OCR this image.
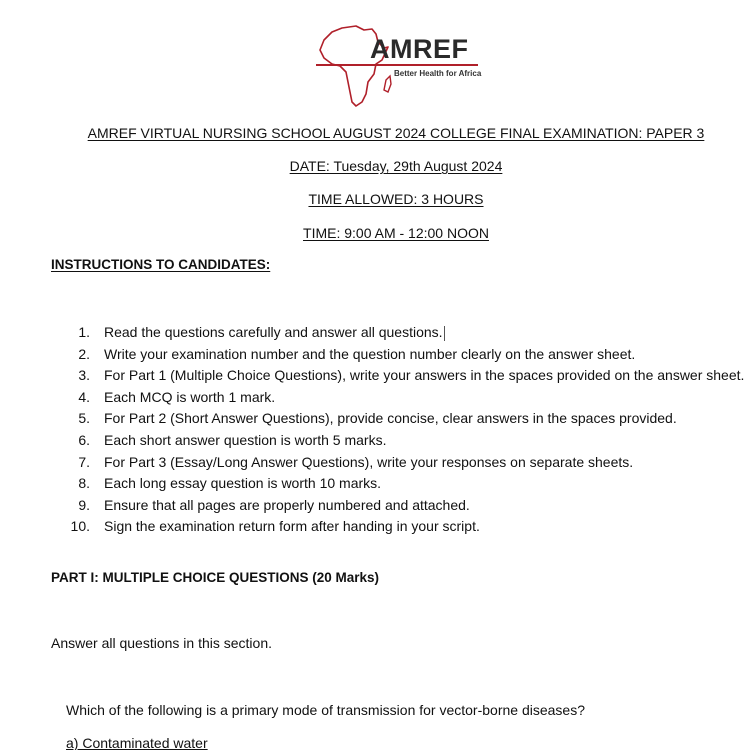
AMREF
Better Health for Africa
AMREF VIRTUAL NURSING SCHOOL AUGUST 2024 COLLEGE FINAL EXAMINATION: PAPER 3
DATE: Tuesday, 29th August 2024
TIME ALLOWED: 3 HOURS
TIME: 9:00 AM - 12:00 NOON
INSTRUCTIONS TO CANDIDATES:
1. Read the questions carefully and answer all questions.
2. Write your examination number and the question number clearly on the answer sheet.
3. For Part 1 (Multiple Choice Questions), write your answers in the spaces provided on the answer sheet.
4. Each MCQ is worth 1 mark.
5. For Part 2 (Short Answer Questions), provide concise, clear answers in the spaces provided.
6. Each short answer question is worth 5 marks.
7. For Part 3 (Essay/Long Answer Questions), write your responses on separate sheets.
8. Each long essay question is worth 10 marks.
9. Ensure that all pages are properly numbered and attached.
10. Sign the examination return form after handing in your script.
PART I: MULTIPLE CHOICE QUESTIONS (20 Marks)
Answer all questions in this section.
Which of the following is a primary mode of transmission for vector-borne diseases?
a) Contaminated water
